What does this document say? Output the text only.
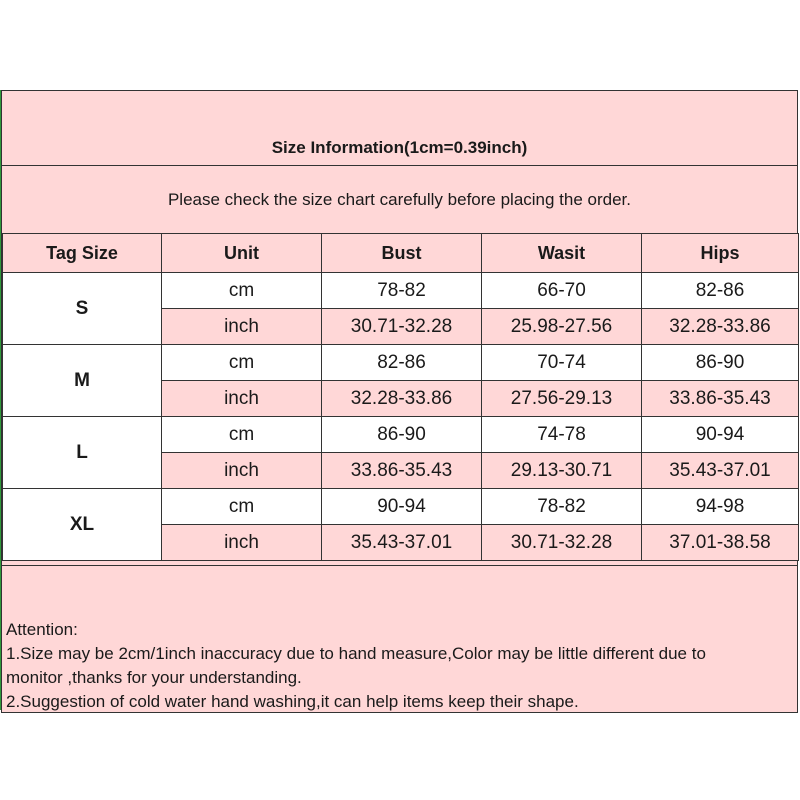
Size Information(1cm=0.39inch)
Please check the size chart carefully before placing the order.
Tag Size	Unit	Bust	Wasit	Hips
S	cm	78-82	66-70	82-86
	inch	30.71-32.28	25.98-27.56	32.28-33.86
M	cm	82-86	70-74	86-90
	inch	32.28-33.86	27.56-29.13	33.86-35.43
L	cm	86-90	74-78	90-94
	inch	33.86-35.43	29.13-30.71	35.43-37.01
XL	cm	90-94	78-82	94-98
	inch	35.43-37.01	30.71-32.28	37.01-38.58
Attention:
1.Size may be 2cm/1inch inaccuracy due to hand measure,Color may be little different due to
monitor ,thanks for your understanding.
2.Suggestion of cold water hand washing,it can help items keep their shape.
